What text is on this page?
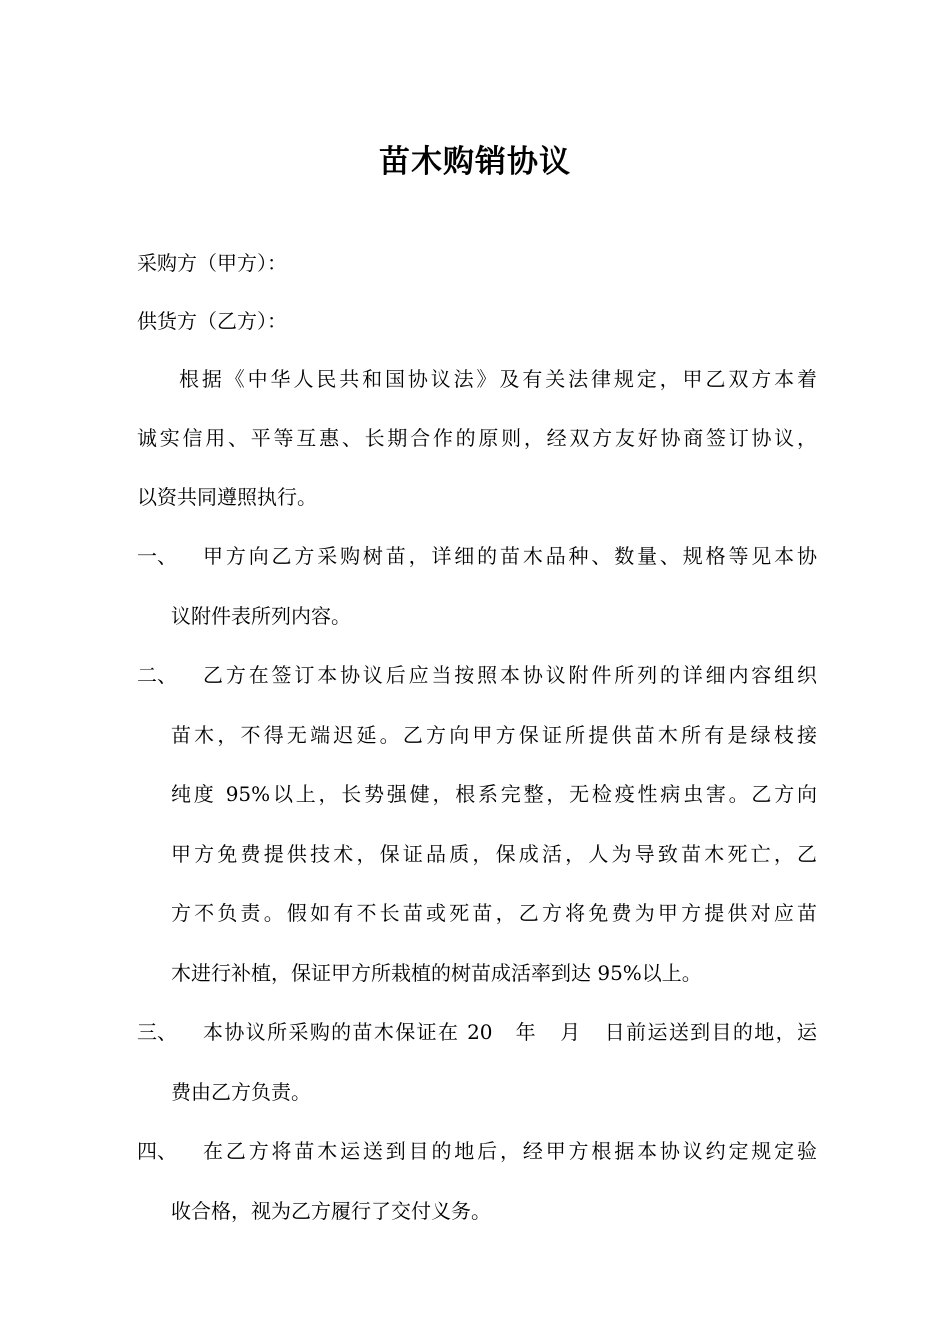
苗木购销协议
采购方（甲方）：
供货方（乙方）：
根据《中华人民共和国协议法》及有关法律规定，甲乙双方本着
诚实信用、平等互惠、长期合作的原则，经双方友好协商签订协议，
以资共同遵照执行。
一、	甲方向乙方采购树苗，详细的苗木品种、数量、规格等见本协
议附件表所列内容。
二、	乙方在签订本协议后应当按照本协议附件所列的详细内容组织
苗木，不得无端迟延。乙方向甲方保证所提供苗木所有是绿枝接
纯度 95%以上，长势强健，根系完整，无检疫性病虫害。乙方向
甲方免费提供技术，保证品质，保成活，人为导致苗木死亡，乙
方不负责。假如有不长苗或死苗，乙方将免费为甲方提供对应苗
木进行补植，保证甲方所栽植的树苗成活率到达 95%以上。
三、	本协议所采购的苗木保证在 20   年   月   日前运送到目的地，运
费由乙方负责。
四、	在乙方将苗木运送到目的地后，经甲方根据本协议约定规定验
收合格，视为乙方履行了交付义务。
